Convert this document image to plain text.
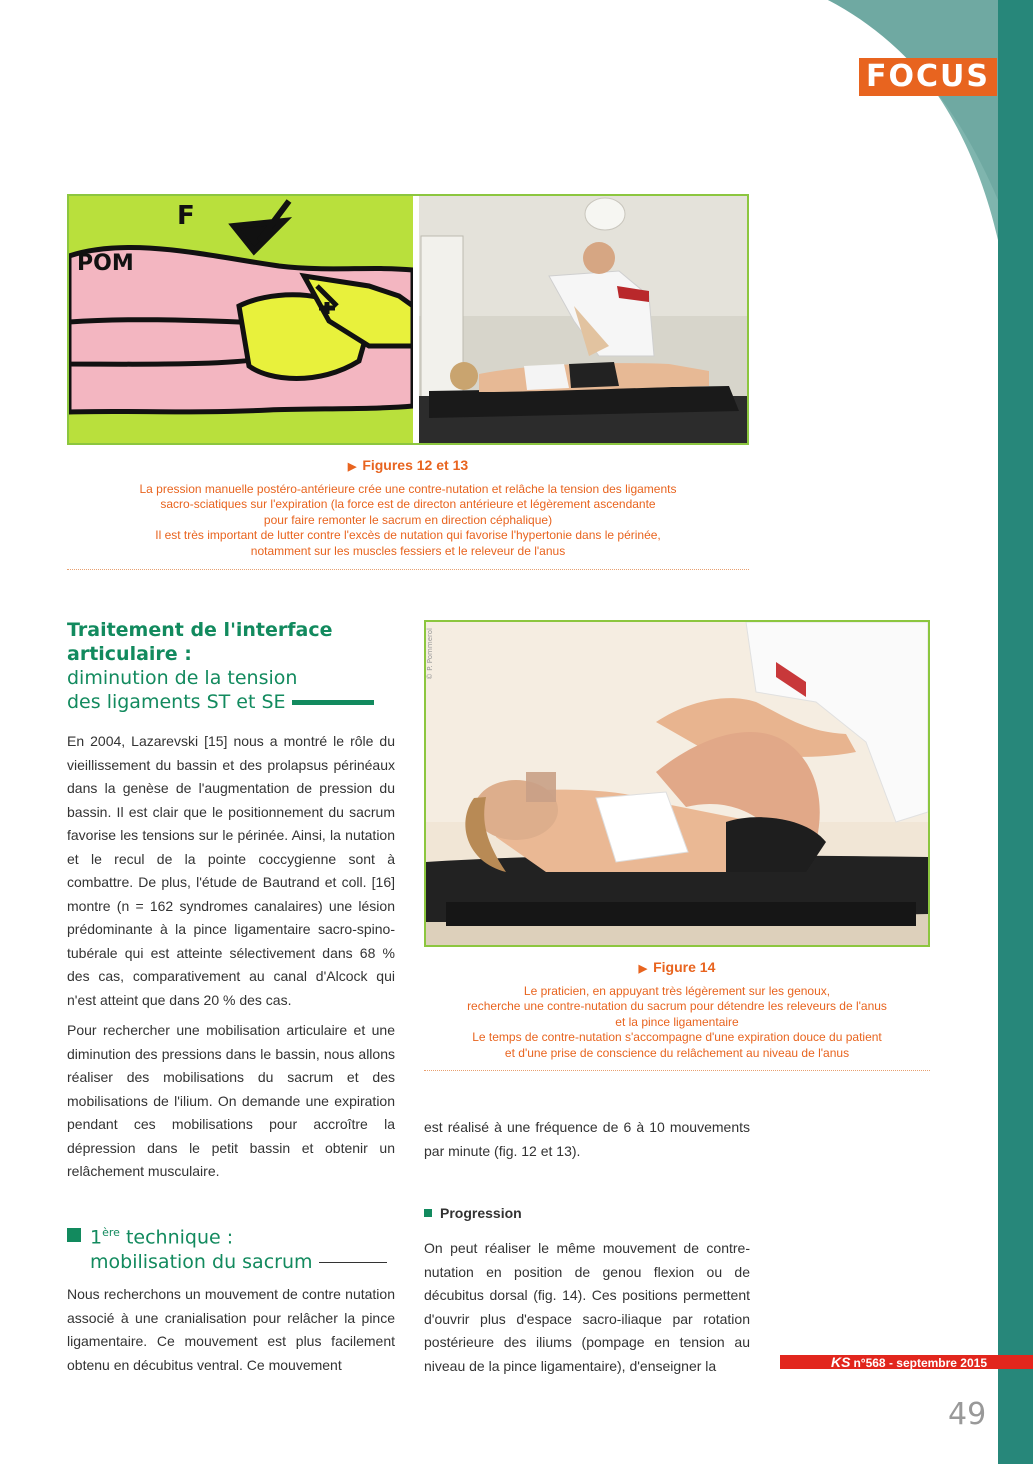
FOCUS
F
POM
▶ Figures 12 et 13
La pression manuelle postéro-antérieure crée une contre-nutation et relâche la tension des ligaments
sacro-sciatiques sur l'expiration (la force est de directon antérieure et légèrement ascendante
pour faire remonter le sacrum en direction céphalique)
Il est très important de lutter contre l'excès de nutation qui favorise l'hypertonie dans le périnée,
notamment sur les muscles fessiers et le releveur de l'anus
Traitement de l'interface
articulaire :
diminution de la tension
des ligaments ST et SE

En 2004, Lazarevski [15] nous a montré le rôle du vieillissement du bassin et des prolapsus périnéaux dans la genèse de l'augmentation de pression du bassin. Il est clair que le positionnement du sacrum favorise les tensions sur le périnée. Ainsi, la nutation et le recul de la pointe coccygienne sont à combattre. De plus, l'étude de Bautrand et coll. [16] montre (n = 162 syndromes canalaires) une lésion prédominante à la pince ligamentaire sacro-spino-tubérale qui est atteinte sélectivement dans 68 % des cas, comparativement au canal d'Alcock qui n'est atteint que dans 20 % des cas.

Pour rechercher une mobilisation articulaire et une diminution des pressions dans le bassin, nous allons réaliser des mobilisations du sacrum et des mobilisations de l'ilium. On demande une expiration pendant ces mobilisations pour accroître la dépression dans le petit bassin et obtenir un relâchement musculaire.

1ère technique :
mobilisation du sacrum

Nous recherchons un mouvement de contre nutation associé à une cranialisation pour relâcher la pince ligamentaire. Ce mouvement est plus facilement obtenu en décubitus ventral. Ce mouvement

© P. Pommerol
▶ Figure 14
Le praticien, en appuyant très légèrement sur les genoux,
recherche une contre-nutation du sacrum pour détendre les releveurs de l'anus
et la pince ligamentaire
Le temps de contre-nutation s'accompagne d'une expiration douce du patient
et d'une prise de conscience du relâchement au niveau de l'anus

est réalisé à une fréquence de 6 à 10 mouvements par minute (fig. 12 et 13).

Progression

On peut réaliser le même mouvement de contre-nutation en position de genou flexion ou de décubitus dorsal (fig. 14). Ces positions permettent d'ouvrir plus d'espace sacro-iliaque par rotation postérieure des iliums (pompage en tension au niveau de la pince ligamentaire), d'enseigner la	KS n°568 - septembre 2015
49
